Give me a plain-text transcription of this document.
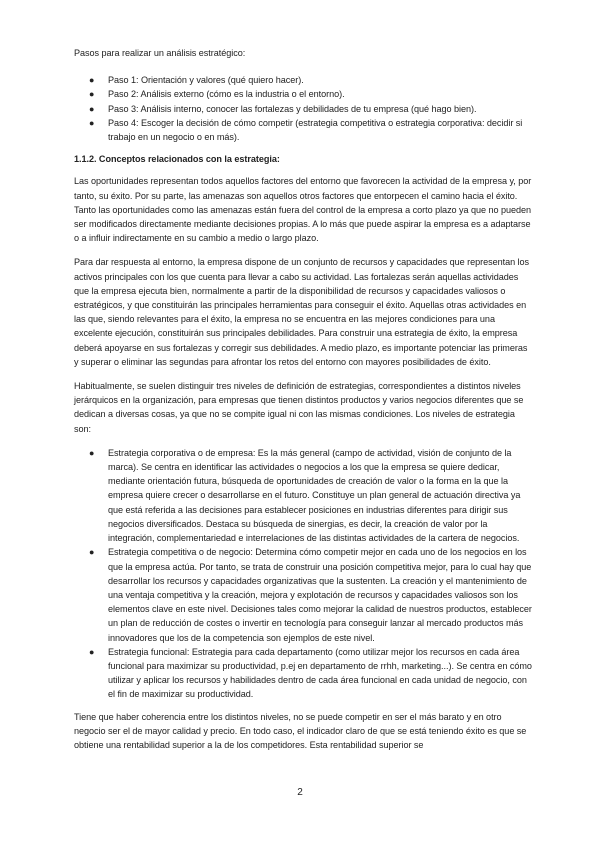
Pasos para realizar un análisis estratégico:

● Paso 1: Orientación y valores (qué quiero hacer).
● Paso 2: Análisis externo (cómo es la industria o el entorno).
● Paso 3: Análisis interno, conocer las fortalezas y debilidades de tu empresa (qué hago bien).
● Paso 4: Escoger la decisión de cómo competir (estrategia competitiva o estrategia corporativa: decidir si trabajo en un negocio o en más).
1.1.2. Conceptos relacionados con la estrategia:

Las oportunidades representan todos aquellos factores del entorno que favorecen la actividad de la empresa y, por tanto, su éxito. Por su parte, las amenazas son aquellos otros factores que entorpecen el camino hacia el éxito. Tanto las oportunidades como las amenazas están fuera del control de la empresa a corto plazo ya que no pueden ser modificados directamente mediante decisiones propias. A lo más que puede aspirar la empresa es a adaptarse o a influir indirectamente en su cambio a medio o largo plazo.

Para dar respuesta al entorno, la empresa dispone de un conjunto de recursos y capacidades que representan los activos principales con los que cuenta para llevar a cabo su actividad. Las fortalezas serán aquellas actividades que la empresa ejecuta bien, normalmente a partir de la disponibilidad de recursos y capacidades valiosos o estratégicos, y que constituirán las principales herramientas para conseguir el éxito. Aquellas otras actividades en las que, siendo relevantes para el éxito, la empresa no se encuentra en las mejores condiciones para una excelente ejecución, constituirán sus principales debilidades. Para construir una estrategia de éxito, la empresa deberá apoyarse en sus fortalezas y corregir sus debilidades. A medio plazo, es importante potenciar las primeras y superar o eliminar las segundas para afrontar los retos del entorno con mayores posibilidades de éxito.

Habitualmente, se suelen distinguir tres niveles de definición de estrategias, correspondientes a distintos niveles jerárquicos en la organización, para empresas que tienen distintos productos y varios negocios diferentes que se dedican a diversas cosas, ya que no se compite igual ni con las mismas condiciones. Los niveles de estrategia son:

● Estrategia corporativa o de empresa: Es la más general (campo de actividad, visión de conjunto de la marca). Se centra en identificar las actividades o negocios a los que la empresa se quiere dedicar, mediante orientación futura, búsqueda de oportunidades de creación de valor o la forma en la que la empresa quiere crecer o desarrollarse en el futuro. Constituye un plan general de actuación directiva ya que está referida a las decisiones para establecer posiciones en industrias diferentes para dirigir sus negocios diversificados. Destaca su búsqueda de sinergias, es decir, la creación de valor por la integración, complementariedad e interrelaciones de las distintas actividades de la cartera de negocios.
● Estrategia competitiva o de negocio: Determina cómo competir mejor en cada uno de los negocios en los que la empresa actúa. Por tanto, se trata de construir una posición competitiva mejor, para lo cual hay que desarrollar los recursos y capacidades organizativas que la sustenten. La creación y el mantenimiento de una ventaja competitiva y la creación, mejora y explotación de recursos y capacidades valiosos son los elementos clave en este nivel. Decisiones tales como mejorar la calidad de nuestros productos, establecer un plan de reducción de costes o invertir en tecnología para conseguir lanzar al mercado productos más innovadores que los de la competencia son ejemplos de este nivel.
● Estrategia funcional: Estrategia para cada departamento (como utilizar mejor los recursos en cada área funcional para maximizar su productividad, p.ej en departamento de rrhh, marketing...). Se centra en cómo utilizar y aplicar los recursos y habilidades dentro de cada área funcional en cada unidad de negocio, con el fin de maximizar su productividad.

Tiene que haber coherencia entre los distintos niveles, no se puede competir en ser el más barato y en otro negocio ser el de mayor calidad y precio. En todo caso, el indicador claro de que se está teniendo éxito es que se obtiene una rentabilidad superior a la de los competidores. Esta rentabilidad superior se

2
